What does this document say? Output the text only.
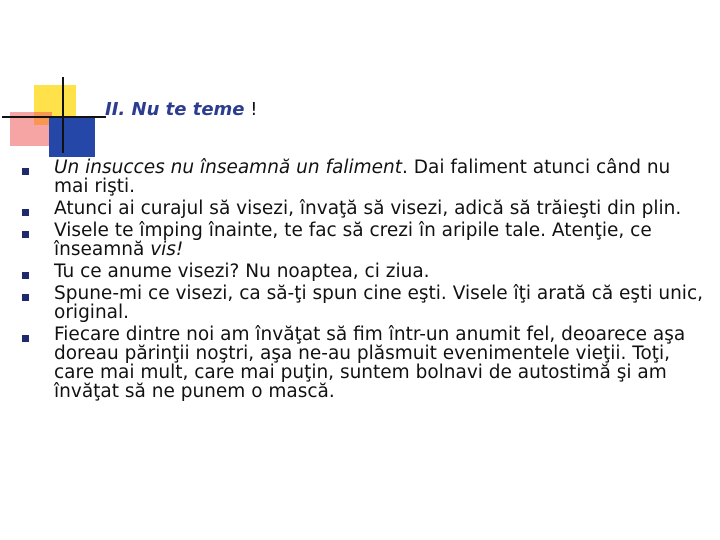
II. Nu te teme !
Un insucces nu înseamnă un faliment. Dai faliment atunci când nu mai rişti.
Atunci ai curajul să visezi, învaţă să visezi, adică să trăieşti din plin.
Visele te împing înainte, te fac să crezi în aripile tale. Atenţie, ce înseamnă vis!
Tu ce anume visezi? Nu noaptea, ci ziua.
Spune-mi ce visezi, ca să-ţi spun cine eşti. Visele îţi arată că eşti unic, original.
Fiecare dintre noi am învăţat să fim într-un anumit fel, deoarece aşa doreau părinţii noştri, aşa ne-au plăsmuit evenimentele vieţii. Toţi, care mai mult, care mai puţin, suntem bolnavi de autostimă şi am învăţat să ne punem o mască.
